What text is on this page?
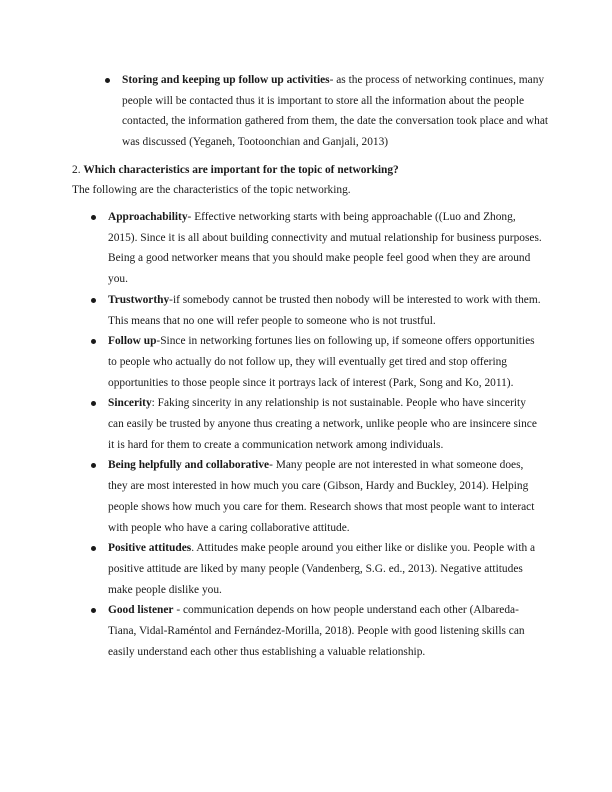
Storing and keeping up follow up activities- as the process of networking continues, many people will be contacted thus it is important to store all the information about the people contacted, the information gathered from them, the date the conversation took place and what was discussed (Yeganeh, Tootoonchian and Ganjali, 2013)
2. Which characteristics are important for the topic of networking?
The following are the characteristics of the topic networking.
Approachability- Effective networking starts with being approachable ((Luo and Zhong, 2015). Since it is all about building connectivity and mutual relationship for business purposes. Being a good networker means that you should make people feel good when they are around you.
Trustworthy-if somebody cannot be trusted then nobody will be interested to work with them. This means that no one will refer people to someone who is not trustful.
Follow up-Since in networking fortunes lies on following up, if someone offers opportunities to people who actually do not follow up, they will eventually get tired and stop offering opportunities to those people since it portrays lack of interest (Park, Song and Ko, 2011).
Sincerity: Faking sincerity in any relationship is not sustainable. People who have sincerity can easily be trusted by anyone thus creating a network, unlike people who are insincere since it is hard for them to create a communication network among individuals.
Being helpfully and collaborative- Many people are not interested in what someone does, they are most interested in how much you care (Gibson, Hardy and Buckley, 2014). Helping people shows how much you care for them. Research shows that most people want to interact with people who have a caring collaborative attitude.
Positive attitudes. Attitudes make people around you either like or dislike you. People with a positive attitude are liked by many people (Vandenberg, S.G. ed., 2013). Negative attitudes make people dislike you.
Good listener - communication depends on how people understand each other (Albareda-Tiana, Vidal-Raméntol and Fernández-Morilla, 2018). People with good listening skills can easily understand each other thus establishing a valuable relationship.
